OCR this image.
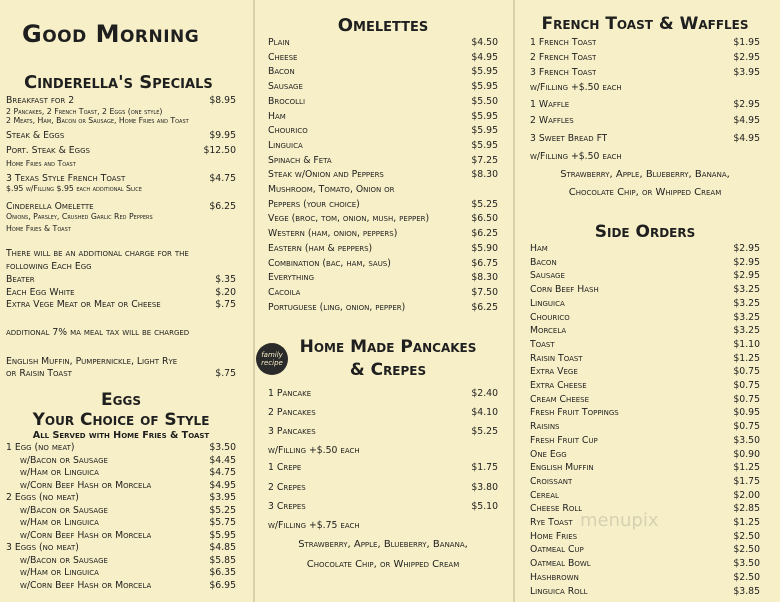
Good Morning
Cinderella's Specials
Breakfast for 2	$8.95
2 Pancakes, 2 French Toast, 2 Eggs (one style)
2 Meats, Ham, Bacon or Sausage, Home Fries and Toast
Steak & Eggs	$9.95
Port. Steak & Eggs	$12.50
Home Fries and Toast
3 Texas Style French Toast	$4.75
$.95 w/Filling $.95 each additional Slice
Cinderella Omelette	$6.25
Onions, Parsley, Crushed Garlic Red Peppers
Home Fries & Toast
There will be an additional charge for the
following Each Egg
Beater	$.35
Each Egg White	$.20
Extra Vege Meat or Meat or Cheese	$.75
additional 7% ma meal tax will be charged
English Muffin, Pumpernickle, Light Rye
or Raisin Toast	$.75
Eggs
Your Choice of Style
All Served with Home Fries & Toast
1 Egg (no meat)	$3.50
w/Bacon or Sausage	$4.45
w/Ham or Linguica	$4.75
w/Corn Beef Hash or Morcela	$4.95
2 Eggs (no meat)	$3.95
w/Bacon or Sausage	$5.25
w/Ham or Linguica	$5.75
w/Corn Beef Hash or Morcela	$5.95
3 Eggs (no meat)	$4.85
w/Bacon or Sausage	$5.85
w/Ham or Linguica	$6.35
w/Corn Beef Hash or Morcela	$6.95
Omelettes
Plain	$4.50
Cheese	$4.95
Bacon	$5.95
Sausage	$5.95
Brocolli	$5.50
Ham	$5.95
Chourico	$5.95
Linguica	$5.95
Spinach & Feta	$7.25
Steak w/Onion and Peppers	$8.30
Mushroom, Tomato, Onion or
Peppers (your choice)	$5.25
Vege (broc, tom, onion, mush, pepper)	$6.50
Western (ham, onion, peppers)	$6.25
Eastern (ham & peppers)	$5.90
Combination (bac, ham, saus)	$6.75
Everything	$8.30
Cacoila	$7.50
Portuguese (ling, onion, pepper)	$6.25
family
recipe
Home Made Pancakes
& Crepes
1 Pancake	$2.40
2 Pancakes	$4.10
3 Pancakes	$5.25
w/Filling +$.50 each
1 Crepe	$1.75
2 Crepes	$3.80
3 Crepes	$5.10
w/Filling +$.75 each
Strawberry, Apple, Blueberry, Banana,
Chocolate Chip, or Whipped Cream
French Toast & Waffles
1 French Toast	$1.95
2 French Toast	$2.95
3 French Toast	$3.95
w/Filling +$.50 each
1 Waffle	$2.95
2 Waffles	$4.95
3 Sweet Bread FT	$4.95
w/Filling +$.50 each
Strawberry, Apple, Blueberry, Banana,
Chocolate Chip, or Whipped Cream
Side Orders
Ham	$2.95
Bacon	$2.95
Sausage	$2.95
Corn Beef Hash	$3.25
Linguica	$3.25
Chourico	$3.25
Morcela	$3.25
Toast	$1.10
Raisin Toast	$1.25
Extra Vege	$0.75
Extra Cheese	$0.75
Cream Cheese	$0.75
Fresh Fruit Toppings	$0.95
Raisins	$0.75
Fresh Fruit Cup	$3.50
One Egg	$0.90
English Muffin	$1.25
Croissant	$1.75
Cereal	$2.00
Cheese Roll	$2.85
Rye Toast	$1.25
Home Fries	$2.50
Oatmeal Cup	$2.50
Oatmeal Bowl	$3.50
Hashbrown	$2.50
Linguica Roll	$3.85
menupix
